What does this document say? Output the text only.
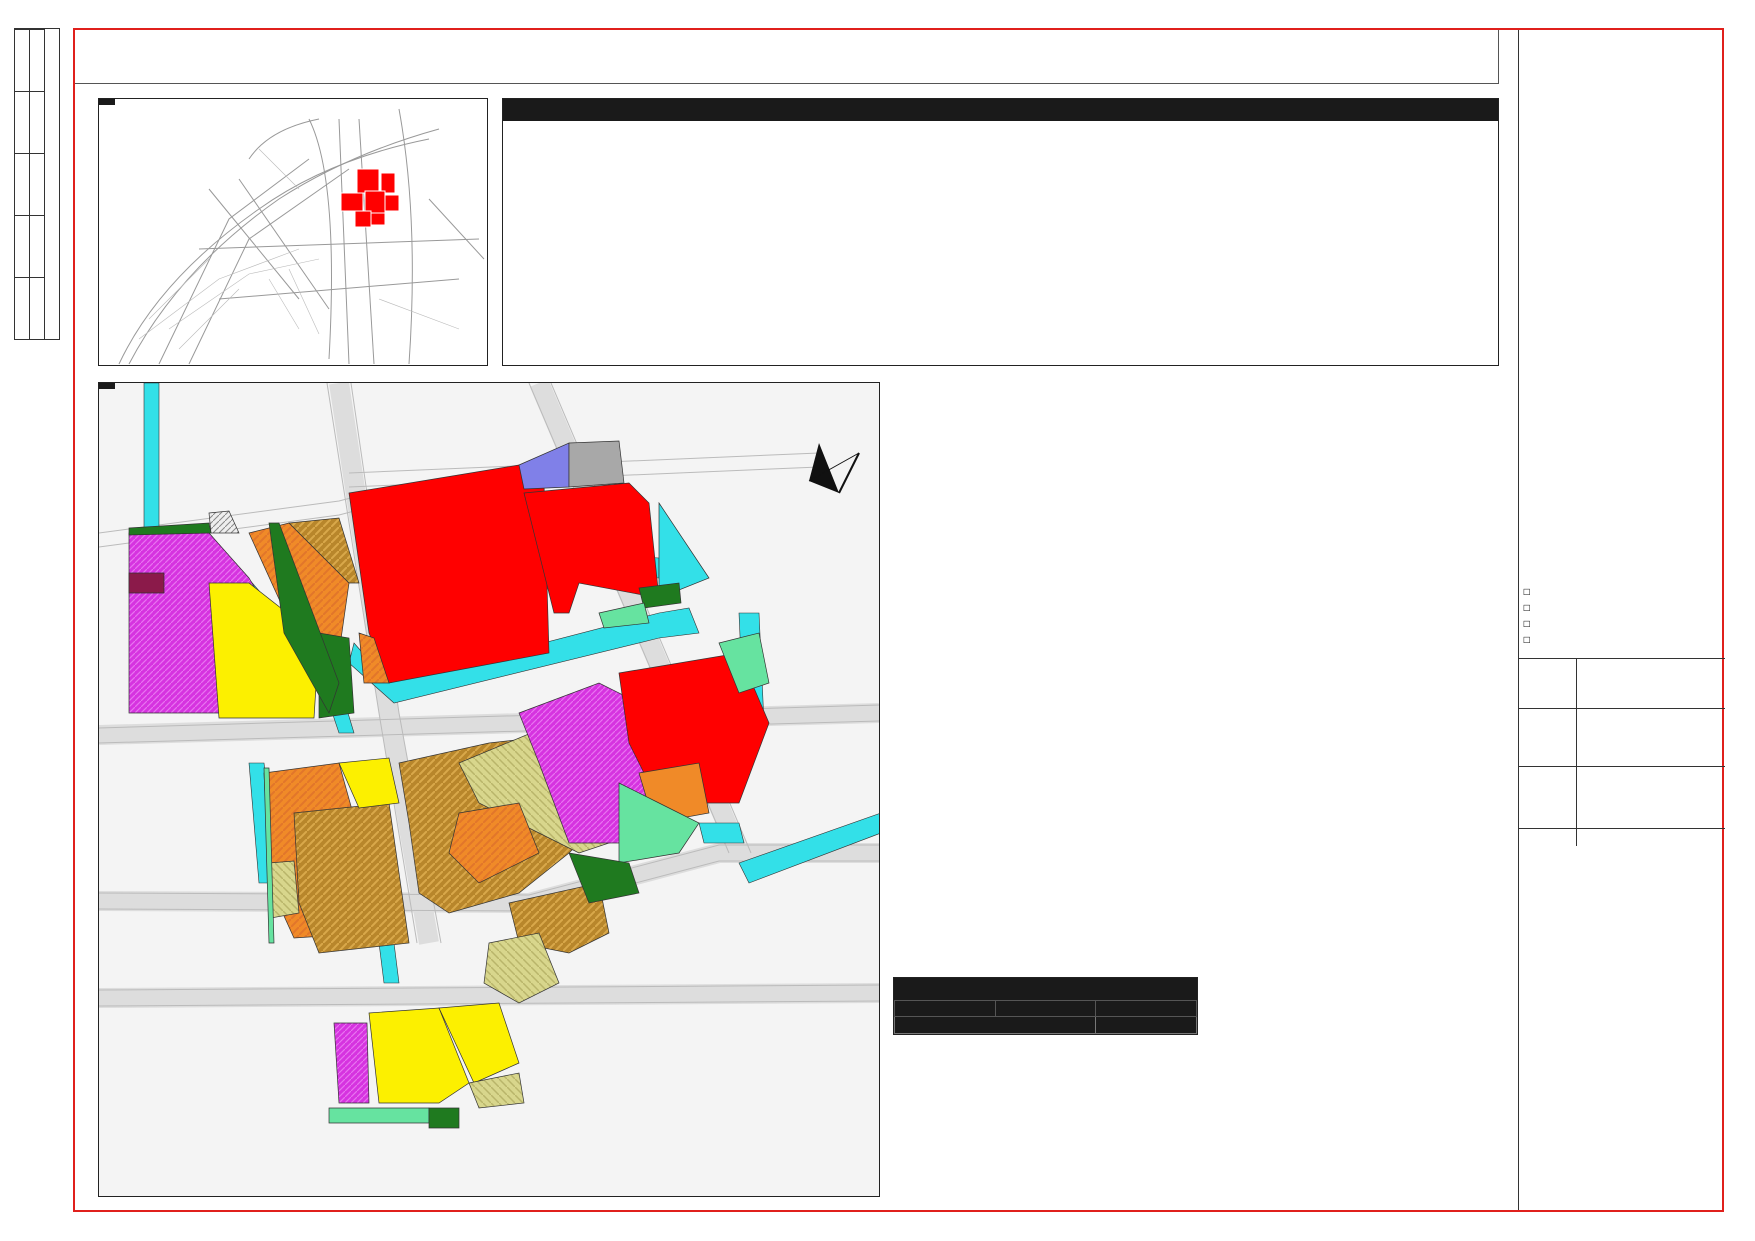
☐
☐
☐
☐
